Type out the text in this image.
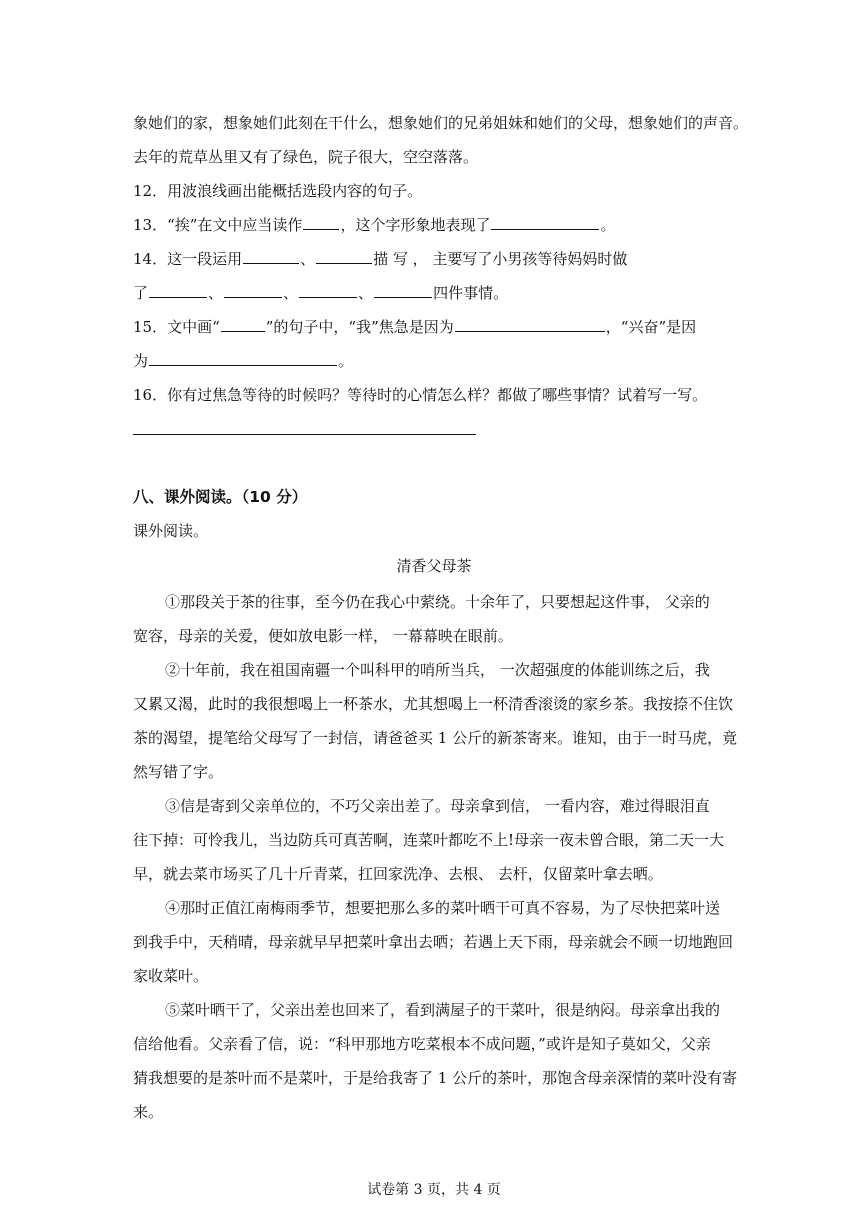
象她们的家，想象她们此刻在干什么，想象她们的兄弟姐妹和她们的父母，想象她们的声音。
去年的荒草丛里又有了绿色，院子很大，空空落落。
12．用波浪线画出能概括选段内容的句子。
13．“挨”在文中应当读作	，这个字形象地表现了	。
14．这一段运用	、	描 写 ， 主要写了小男孩等待妈妈时做
了	、	、	、	四件事情。
15．文中画“	”的句子中，“我”焦急是因为	，“兴奋”是因
为	。
16．你有过焦急等待的时候吗？等待时的心情怎么样？都做了哪些事情？试着写一写。
八、课外阅读。（10 分）
课外阅读。
清香父母茶
①那段关于茶的往事，至今仍在我心中萦绕。十余年了，只要想起这件事， 父亲的
宽容，母亲的关爱，便如放电影一样， 一幕幕映在眼前。
②十年前，我在祖国南疆一个叫科甲的哨所当兵， 一次超强度的体能训练之后，我
又累又渴，此时的我很想喝上一杯茶水，尤其想喝上一杯清香滚烫的家乡茶。我按捺不住饮
茶的渴望，提笔给父母写了一封信，请爸爸买 1 公斤的新茶寄来。谁知，由于一时马虎，竟
然写错了字。
③信是寄到父亲单位的，不巧父亲出差了。母亲拿到信， 一看内容，难过得眼泪直
往下掉：可怜我儿，当边防兵可真苦啊，连菜叶都吃不上!母亲一夜未曾合眼，第二天一大
早，就去菜市场买了几十斤青菜，扛回家洗净、去根、 去杆，仅留菜叶拿去晒。
④那时正值江南梅雨季节，想要把那么多的菜叶晒干可真不容易，为了尽快把菜叶送
到我手中，天稍晴，母亲就早早把菜叶拿出去晒；若遇上天下雨，母亲就会不顾一切地跑回
家收菜叶。
⑤菜叶晒干了，父亲出差也回来了，看到满屋子的干菜叶，很是纳闷。母亲拿出我的
信给他看。父亲看了信，说：“科甲那地方吃菜根本不成问题，”或许是知子莫如父，父亲
猜我想要的是茶叶而不是菜叶，于是给我寄了 1 公斤的茶叶，那饱含母亲深情的菜叶没有寄
来。
试卷第 3 页，共 4 页
